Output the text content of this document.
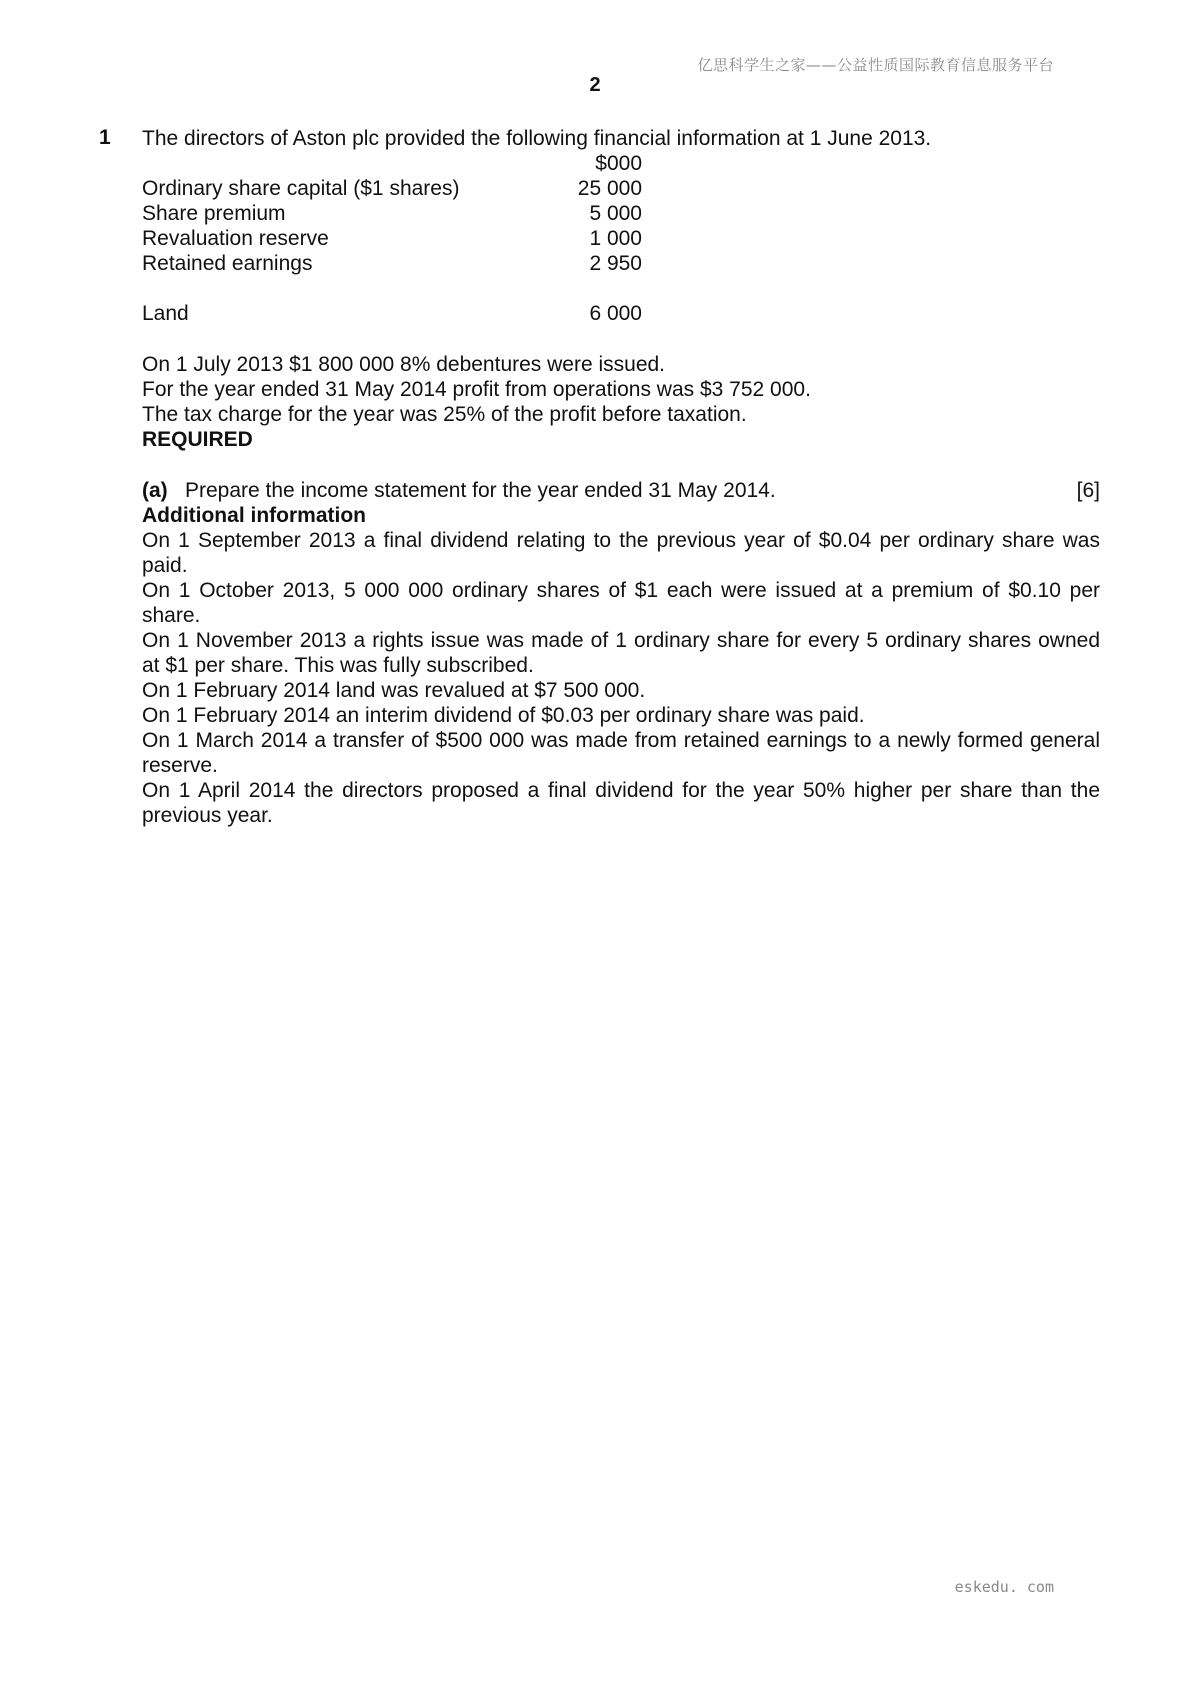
亿思科学生之家——公益性质国际教育信息服务平台
2
1 The directors of Aston plc provided the following financial information at 1 June 2013.

$000
Ordinary share capital ($1 shares)	25 000
Share premium	5 000
Revaluation reserve	1 000
Retained earnings	2 950
Land	6 000

On 1 July 2013 $1 800 000 8% debentures were issued.

For the year ended 31 May 2014 profit from operations was $3 752 000.

The tax charge for the year was 25% of the profit before taxation.

REQUIRED

(a) Prepare the income statement for the year ended 31 May 2014.	[6]

Additional information

On 1 September 2013 a final dividend relating to the previous year of $0.04 per ordinary share was paid.

On 1 October 2013, 5 000 000 ordinary shares of $1 each were issued at a premium of $0.10 per share.

On 1 November 2013 a rights issue was made of 1 ordinary share for every 5 ordinary shares owned at $1 per share. This was fully subscribed.

On 1 February 2014 land was revalued at $7 500 000.

On 1 February 2014 an interim dividend of $0.03 per ordinary share was paid.

On 1 March 2014 a transfer of $500 000 was made from retained earnings to a newly formed general reserve.

On 1 April 2014 the directors proposed a final dividend for the year 50% higher per share than the previous year.

eskedu. com
